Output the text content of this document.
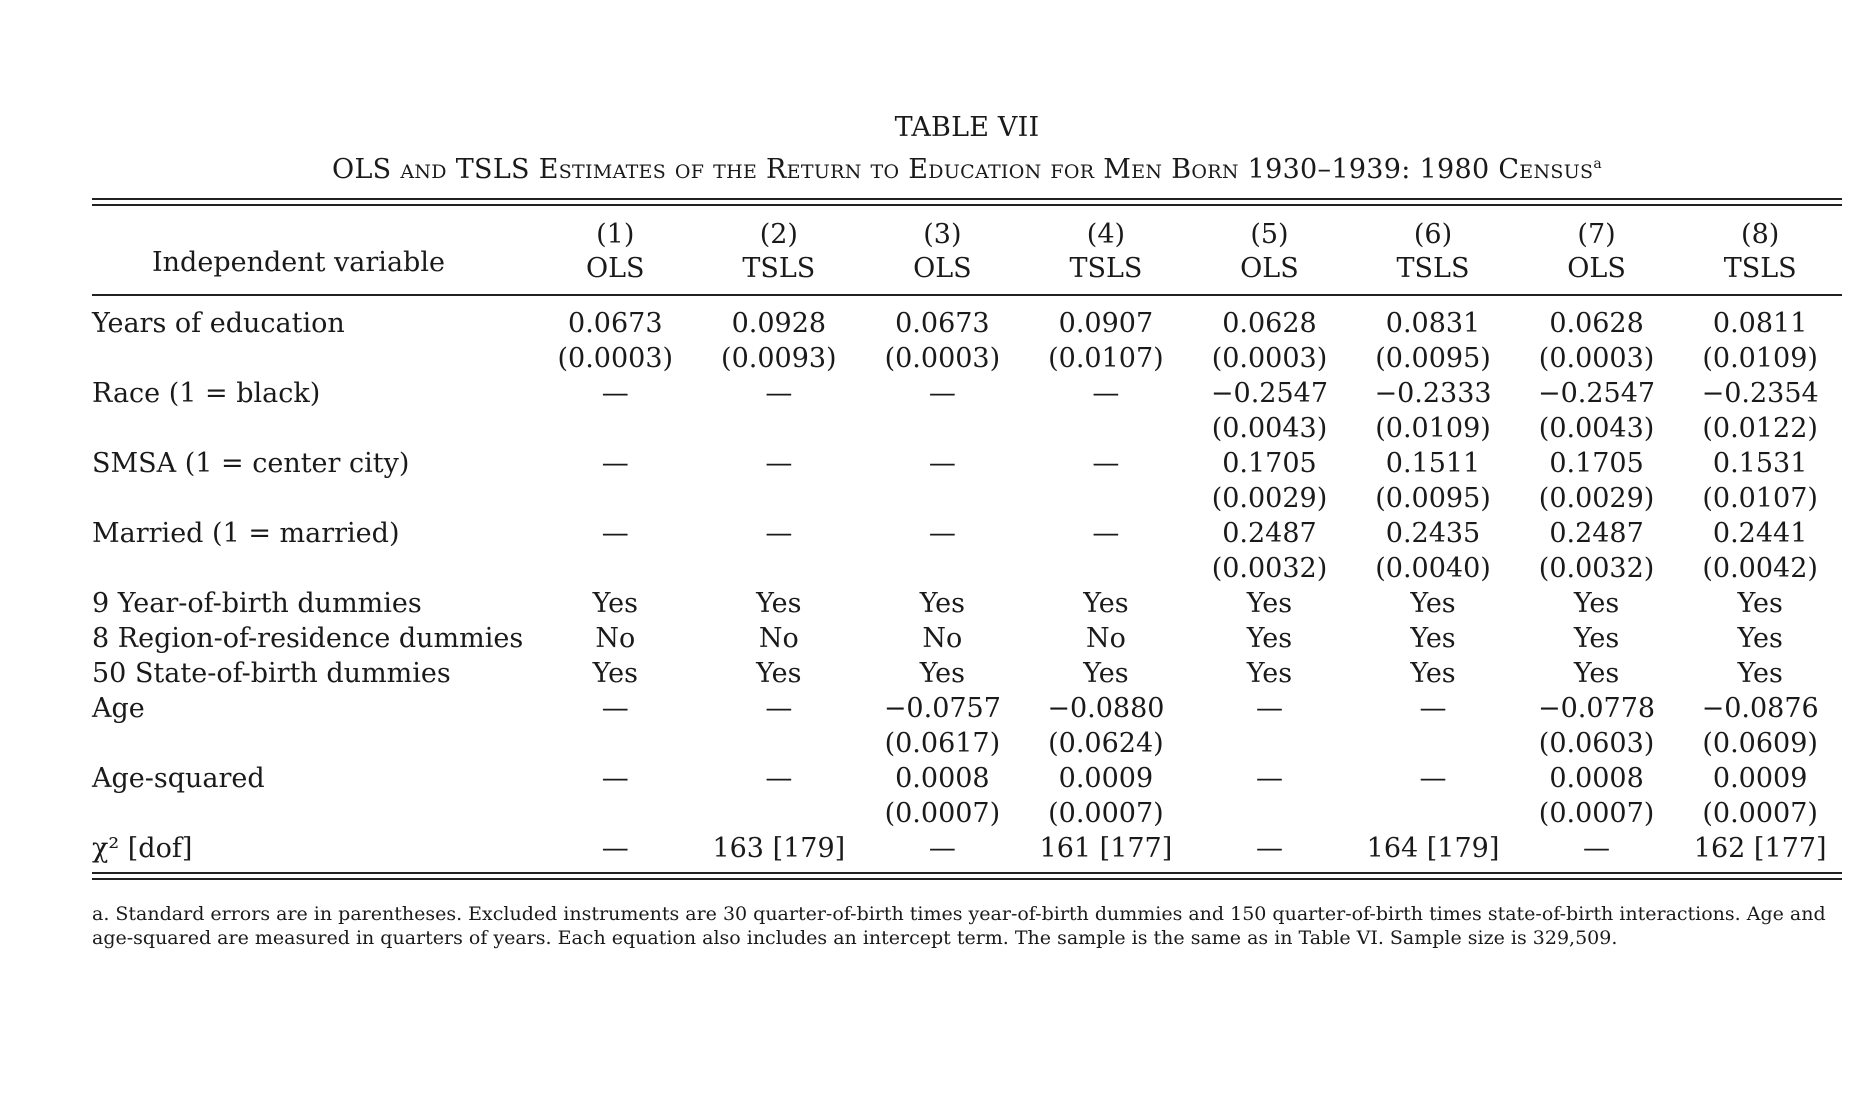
TABLE VII
OLS and TSLS Estimates of the Return to Education for Men Born 1930–1939: 1980 Census$^a$
Independent variable	(1)	(2)	(3)	(4)	(5)	(6)	(7)	(8)
	OLS	TSLS	OLS	TSLS	OLS	TSLS	OLS	TSLS

Years of education	0.0673	0.0928	0.0673	0.0907	0.0628	0.0831	0.0628	0.0811
	(0.0003)	(0.0093)	(0.0003)	(0.0107)	(0.0003)	(0.0095)	(0.0003)	(0.0109)
Race (1 = black)	—	—	—	—	−0.2547	−0.2333	−0.2547	−0.2354
					(0.0043)	(0.0109)	(0.0043)	(0.0122)
SMSA (1 = center city)	—	—	—	—	0.1705	0.1511	0.1705	0.1531
					(0.0029)	(0.0095)	(0.0029)	(0.0107)
Married (1 = married)	—	—	—	—	0.2487	0.2435	0.2487	0.2441
					(0.0032)	(0.0040)	(0.0032)	(0.0042)
9 Year-of-birth dummies	Yes	Yes	Yes	Yes	Yes	Yes	Yes	Yes
8 Region-of-residence dummies	No	No	No	No	Yes	Yes	Yes	Yes
50 State-of-birth dummies	Yes	Yes	Yes	Yes	Yes	Yes	Yes	Yes
Age	—	—	−0.0757	−0.0880	—	—	−0.0778	−0.0876
			(0.0617)	(0.0624)			(0.0603)	(0.0609)
Age-squared	—	—	0.0008	0.0009	—	—	0.0008	0.0009
			(0.0007)	(0.0007)			(0.0007)	(0.0007)
χ² [dof]	—	163 [179]	—	161 [177]	—	164 [179]	—	162 [177]
a. Standard errors are in parentheses. Excluded instruments are 30 quarter-of-birth times year-of-birth dummies and 150 quarter-of-birth times state-of-birth interactions. Age and age-squared are measured in quarters of years. Each equation also includes an intercept term. The sample is the same as in Table VI. Sample size is 329,509.
